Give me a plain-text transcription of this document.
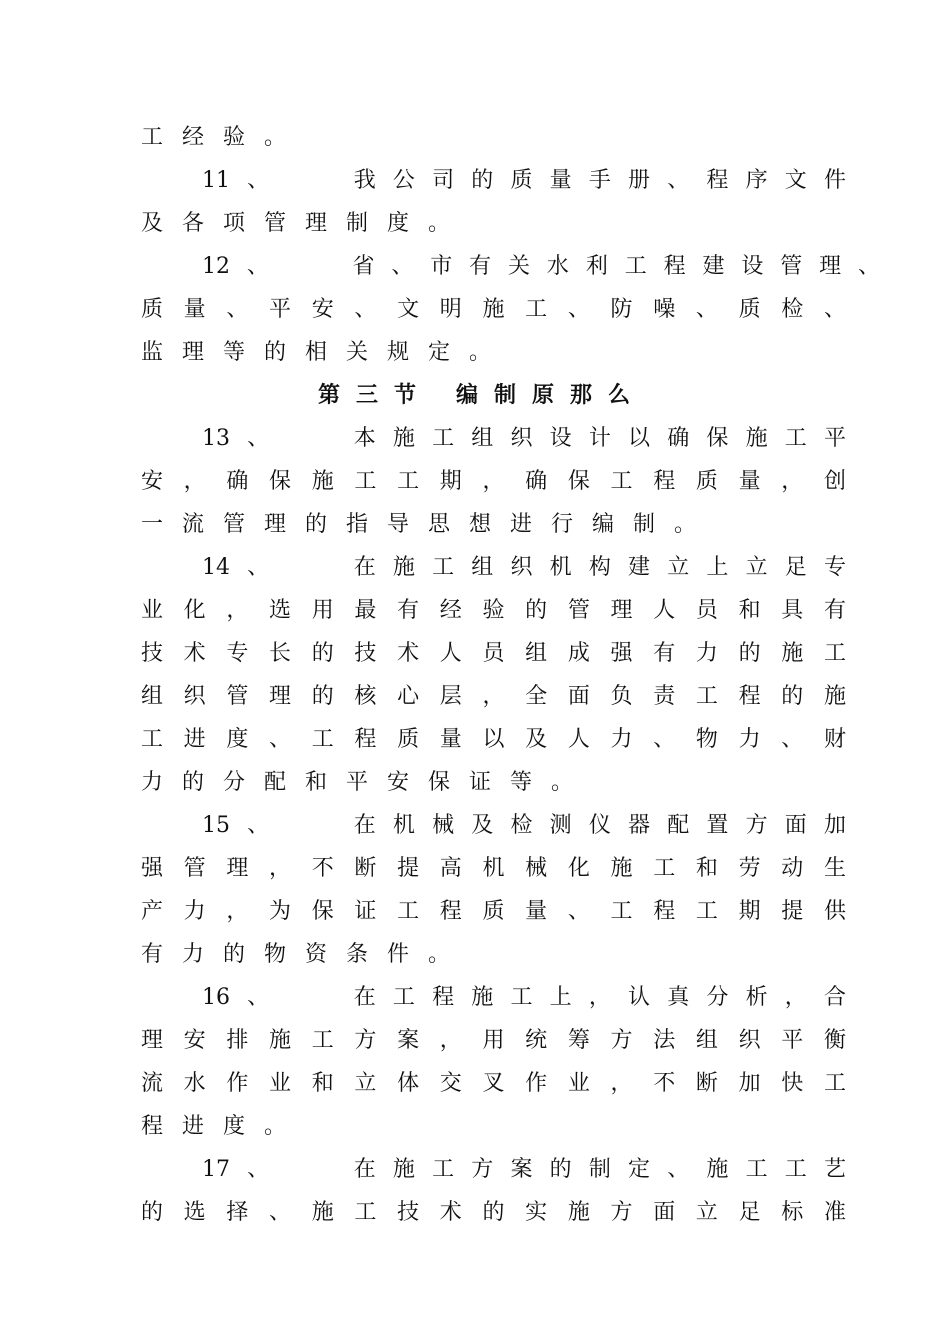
工经验。
11、　　我公司的质量手册、程序文件
及各项管理制度。
12、　　省、市有关水利工程建设管理、
质量、平安、文明施工、防噪、质检、
监理等的相关规定。
第三节 编制原那么
13、　　本施工组织设计以确保施工平
安，确保施工工期，确保工程质量，创
一流管理的指导思想进行编制。
14、　　在施工组织机构建立上立足专
业化，选用最有经验的管理人员和具有
技术专长的技术人员组成强有力的施工
组织管理的核心层，全面负责工程的施
工进度、工程质量以及人力、物力、财
力的分配和平安保证等。
15、　　在机械及检测仪器配置方面加
强管理，不断提高机械化施工和劳动生
产力，为保证工程质量、工程工期提供
有力的物资条件。
16、　　在工程施工上，认真分析，合
理安排施工方案，用统筹方法组织平衡
流水作业和立体交叉作业，不断加快工
程进度。
17、　　在施工方案的制定、施工工艺
的选择、施工技术的实施方面立足标准
